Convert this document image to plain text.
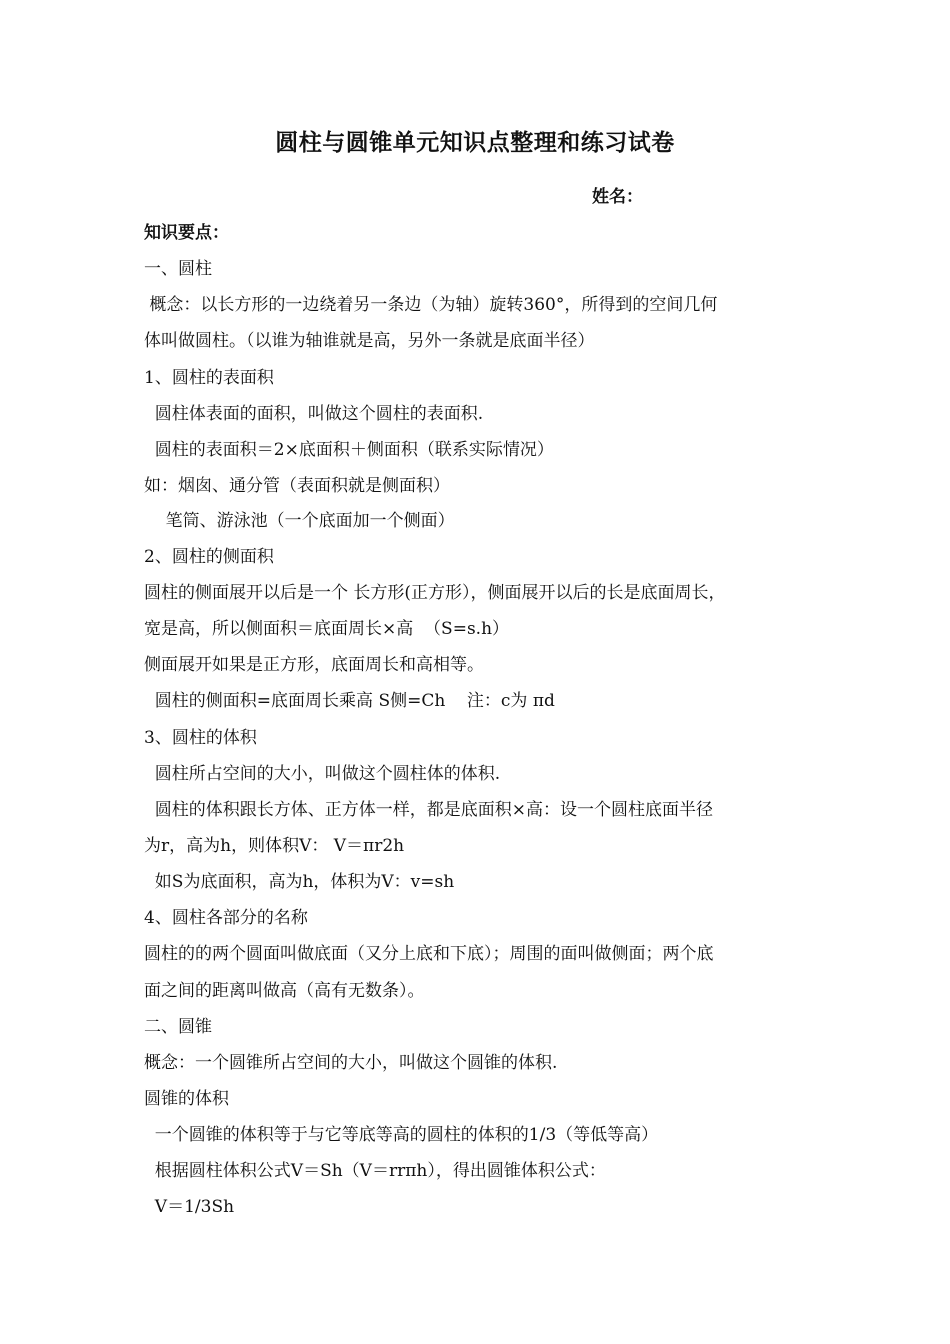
圆柱与圆锥单元知识点整理和练习试卷
姓名：
知识要点：
一、圆柱
概念：以长方形的一边绕着另一条边（为轴）旋转360°，所得到的空间几何
体叫做圆柱。（以谁为轴谁就是高，另外一条就是底面半径）
1、圆柱的表面积
圆柱体表面的面积，叫做这个圆柱的表面积.
圆柱的表面积＝2×底面积＋侧面积（联系实际情况）
如：烟囱、通分管（表面积就是侧面积）
笔筒、游泳池（一个底面加一个侧面）
2、圆柱的侧面积
圆柱的侧面展开以后是一个 长方形(正方形），侧面展开以后的长是底面周长，
宽是高，所以侧面积＝底面周长×高  （S=s.h）
侧面展开如果是正方形，底面周长和高相等。
圆柱的侧面积=底面周长乘高 S侧=Ch    注：c为 πd
3、圆柱的体积
圆柱所占空间的大小，叫做这个圆柱体的体积.
圆柱的体积跟长方体、正方体一样，都是底面积×高：设一个圆柱底面半径
为r，高为h，则体积V： V＝πr2h
如S为底面积，高为h，体积为V：v=sh
4、圆柱各部分的名称
圆柱的的两个圆面叫做底面（又分上底和下底）；周围的面叫做侧面；两个底
面之间的距离叫做高（高有无数条）。
二、圆锥
概念：一个圆锥所占空间的大小，叫做这个圆锥的体积.
圆锥的体积
一个圆锥的体积等于与它等底等高的圆柱的体积的1/3（等低等高）
根据圆柱体积公式V＝Sh（V＝rrπh），得出圆锥体积公式：
V＝1/3Sh
